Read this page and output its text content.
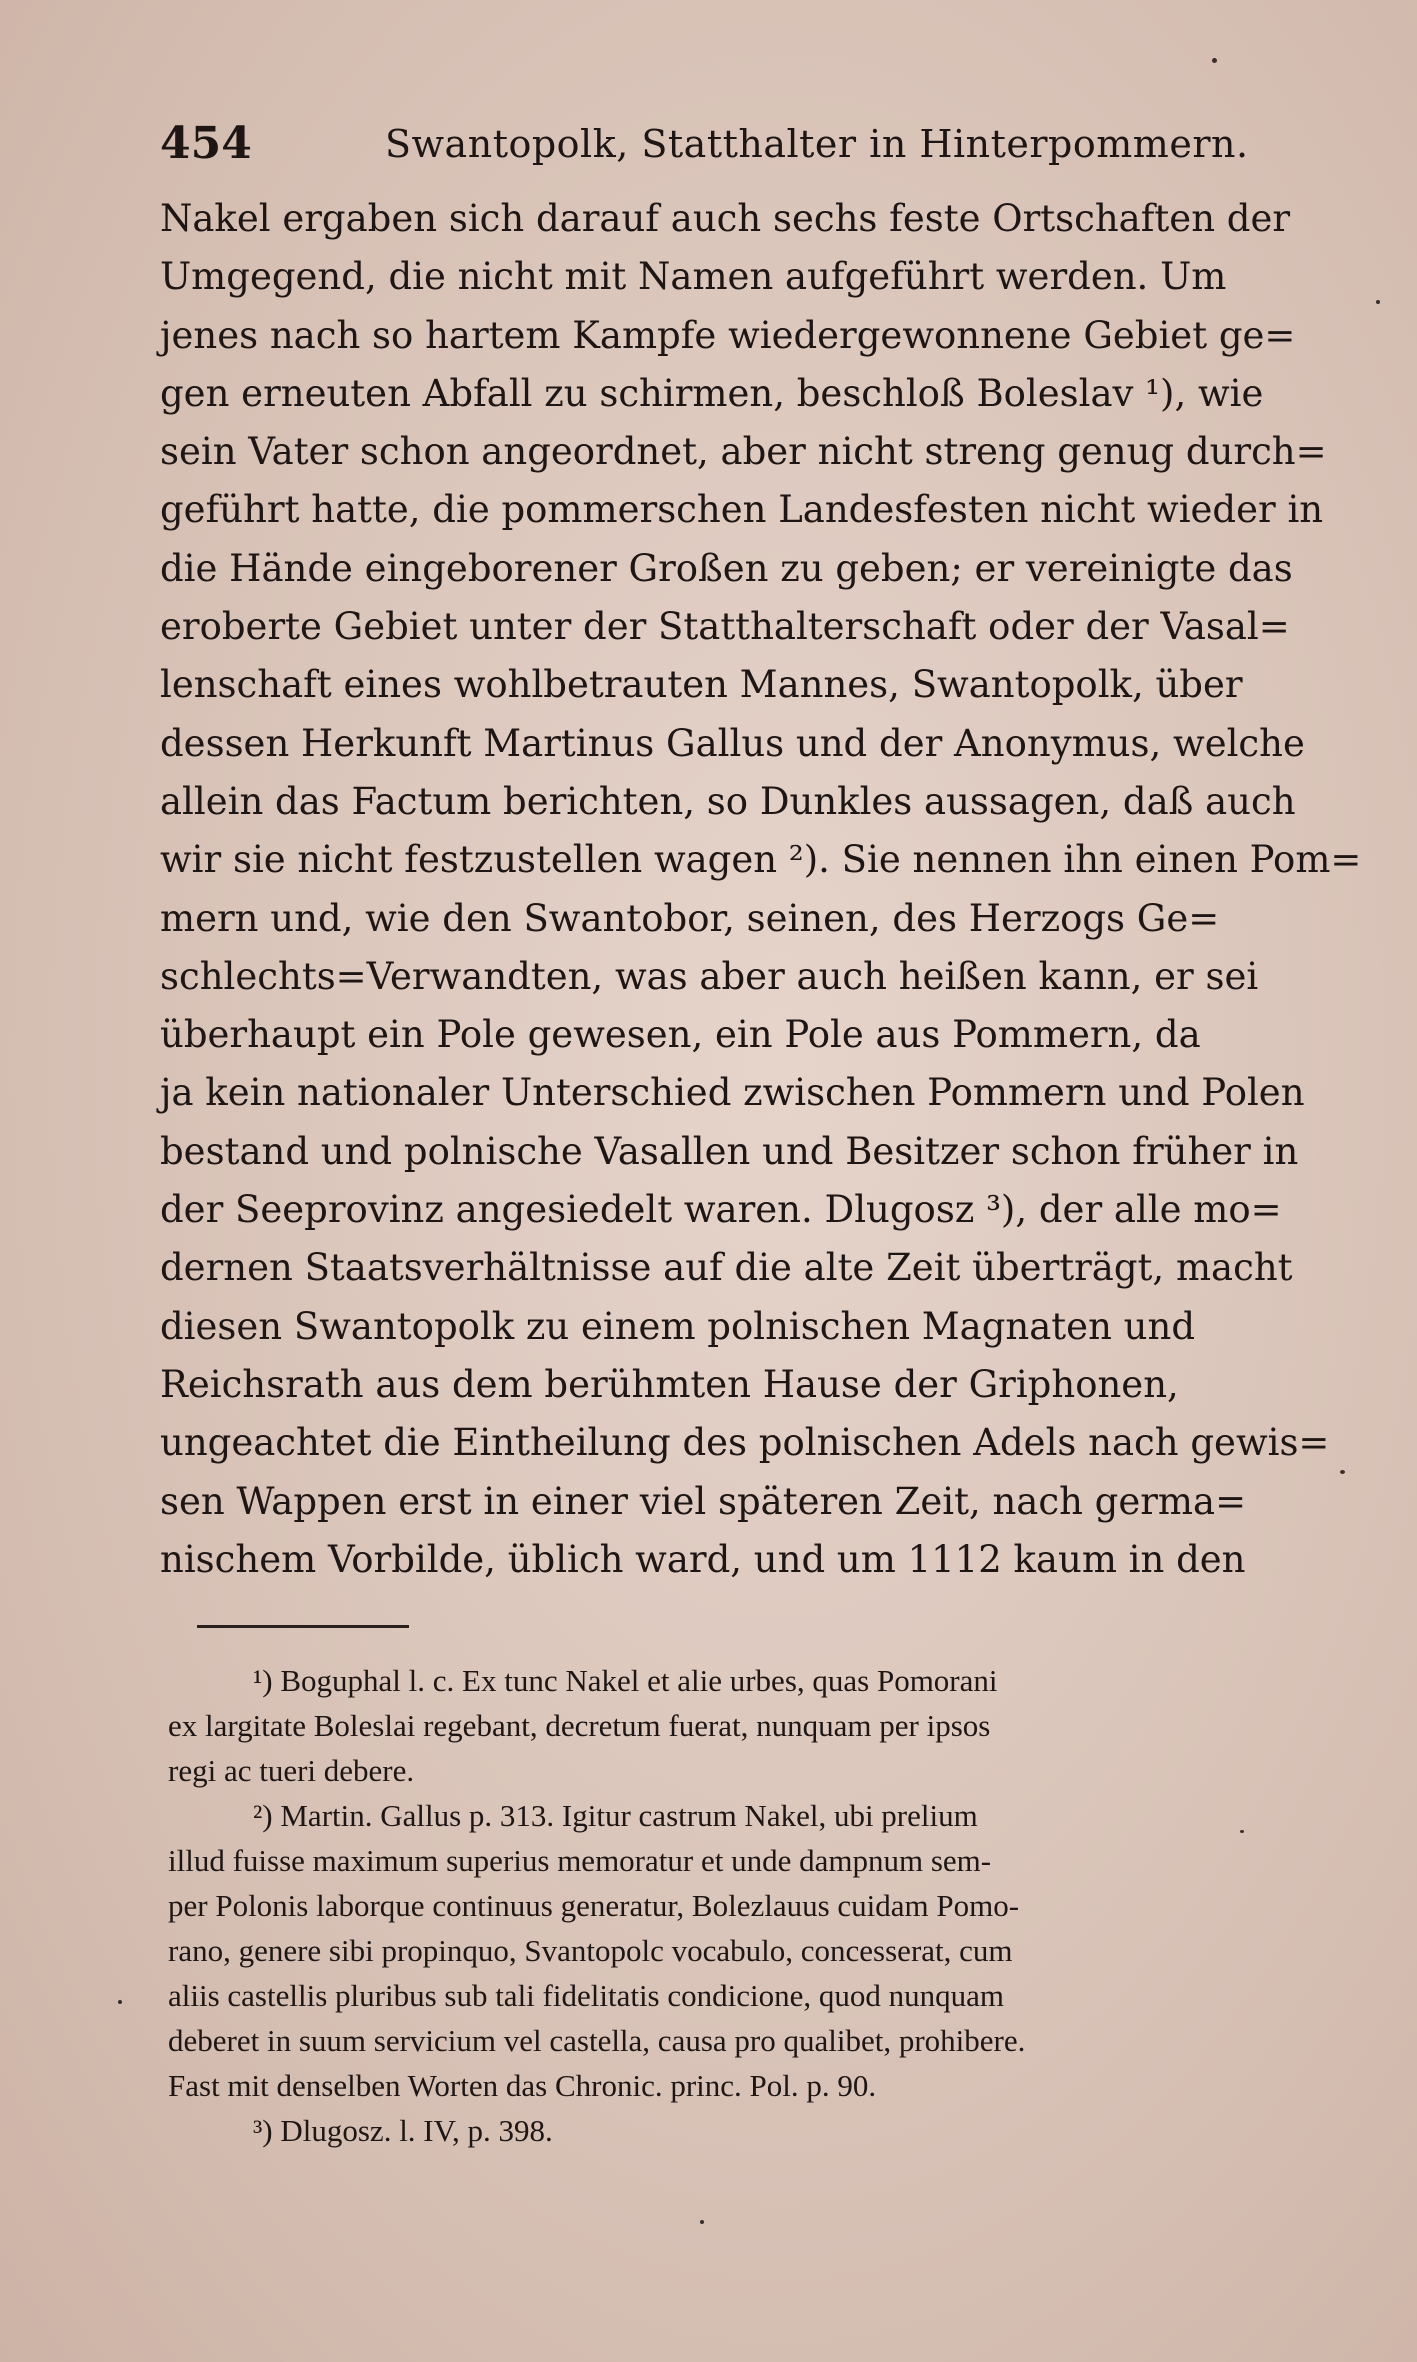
454	Swantopolk, Statthalter in Hinterpommern.
Nakel ergaben sich darauf auch sechs feste Ortschaften der
Umgegend, die nicht mit Namen aufgeführt werden. Um
jenes nach so hartem Kampfe wiedergewonnene Gebiet ge=
gen erneuten Abfall zu schirmen, beschloß Boleslav ¹), wie
sein Vater schon angeordnet, aber nicht streng genug durch=
geführt hatte, die pommerschen Landesfesten nicht wieder in
die Hände eingeborener Großen zu geben; er vereinigte das
eroberte Gebiet unter der Statthalterschaft oder der Vasal=
lenschaft eines wohlbetrauten Mannes, Swantopolk, über
dessen Herkunft Martinus Gallus und der Anonymus, welche
allein das Factum berichten, so Dunkles aussagen, daß auch
wir sie nicht festzustellen wagen ²). Sie nennen ihn einen Pom=
mern und, wie den Swantobor, seinen, des Herzogs Ge=
schlechts=Verwandten, was aber auch heißen kann, er sei
überhaupt ein Pole gewesen, ein Pole aus Pommern, da
ja kein nationaler Unterschied zwischen Pommern und Polen
bestand und polnische Vasallen und Besitzer schon früher in
der Seeprovinz angesiedelt waren. Dlugosz ³), der alle mo=
dernen Staatsverhältnisse auf die alte Zeit überträgt, macht
diesen Swantopolk zu einem polnischen Magnaten und
Reichsrath aus dem berühmten Hause der Griphonen,
ungeachtet die Eintheilung des polnischen Adels nach gewis=
sen Wappen erst in einer viel späteren Zeit, nach germa=
nischem Vorbilde, üblich ward, und um 1112 kaum in den
¹) Boguphal l. c. Ex tunc Nakel et alie urbes, quas Pomorani
ex largitate Boleslai regebant, decretum fuerat, nunquam per ipsos
regi ac tueri debere.
²) Martin. Gallus p. 313. Igitur castrum Nakel, ubi prelium
illud fuisse maximum superius memoratur et unde dampnum sem-
per Polonis laborque continuus generatur, Bolezlauus cuidam Pomo-
rano, genere sibi propinquo, Svantopolc vocabulo, concesserat, cum
aliis castellis pluribus sub tali fidelitatis condicione, quod nunquam
deberet in suum servicium vel castella, causa pro qualibet, prohibere.
Fast mit denselben Worten das Chronic. princ. Pol. p. 90.
³) Dlugosz. l. IV, p. 398.
